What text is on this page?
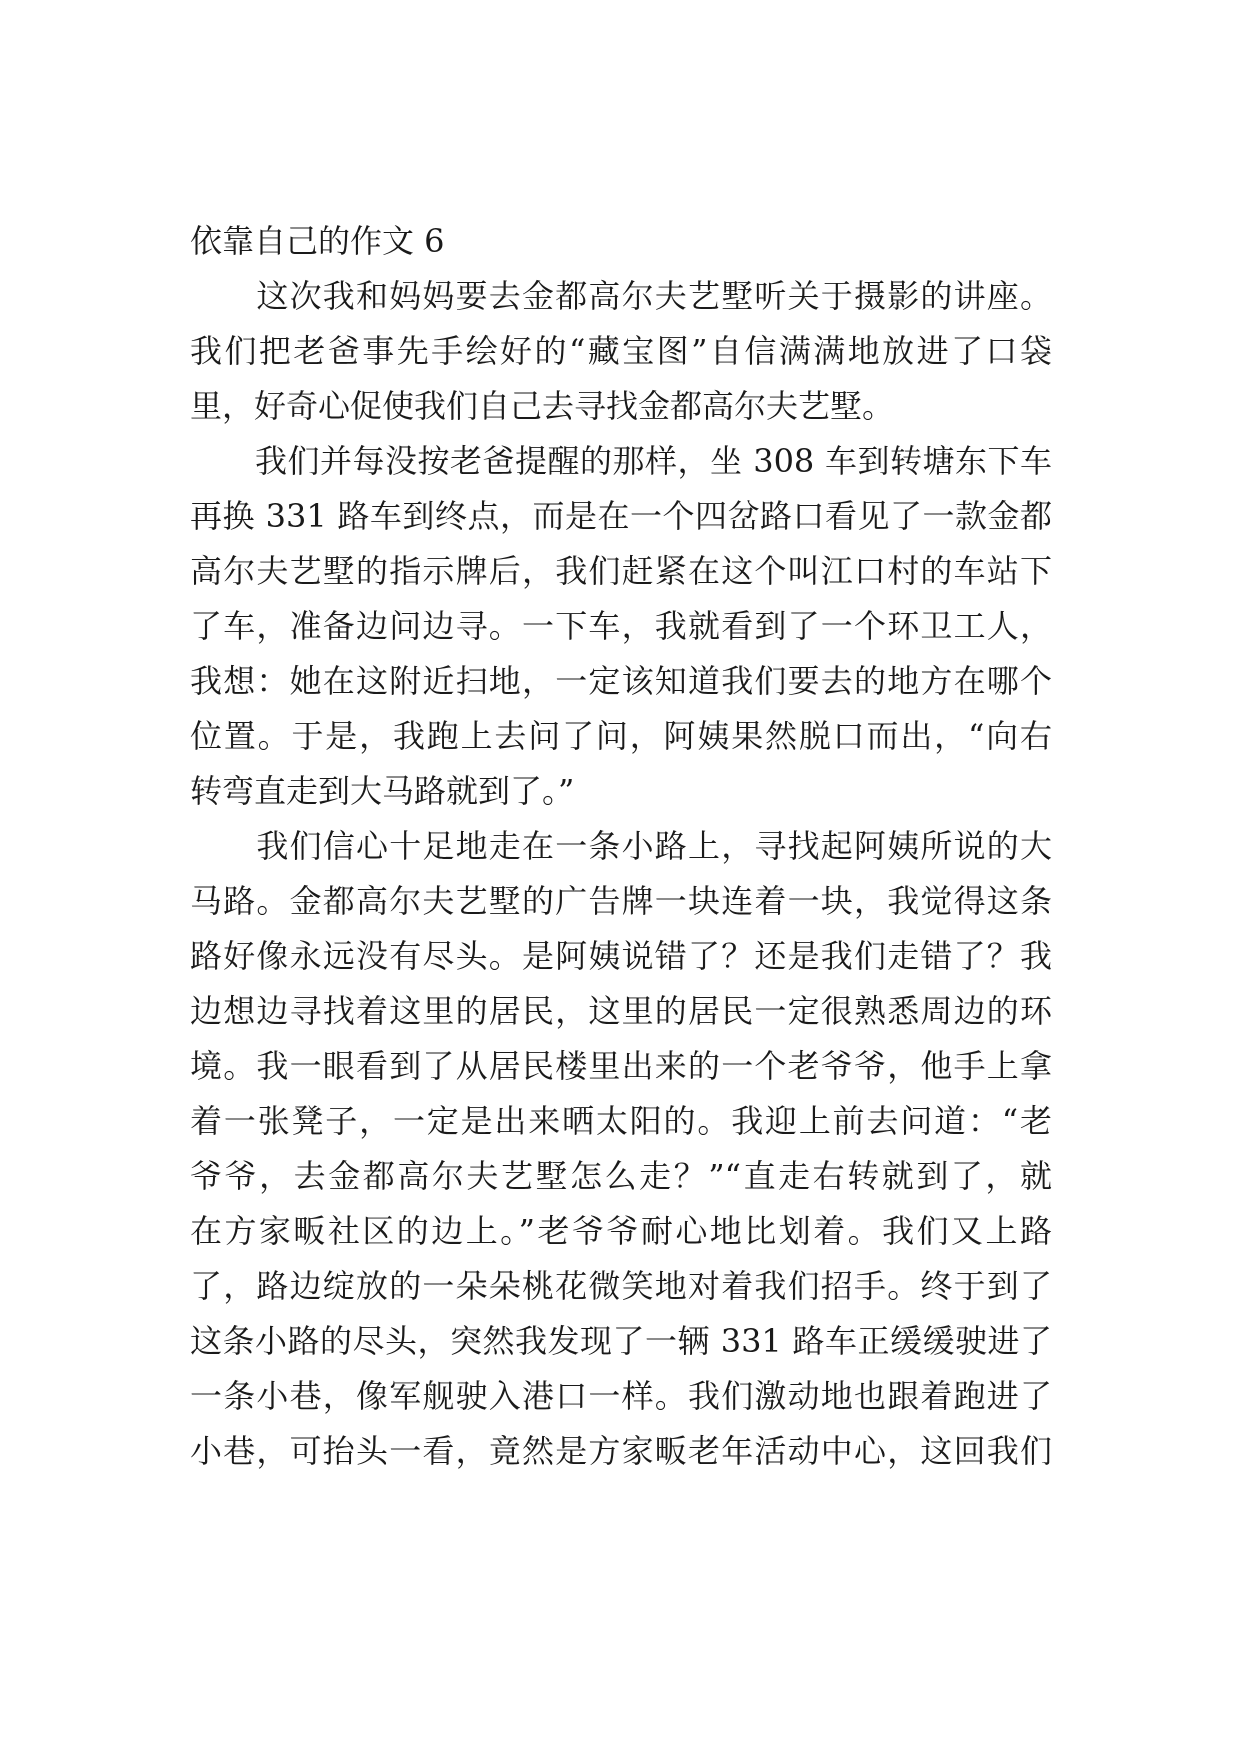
依靠自己的作文 6
　　这次我和妈妈要去金都高尔夫艺墅听关于摄影的讲座。
我们把老爸事先手绘好的“藏宝图”自信满满地放进了口袋
里，好奇心促使我们自己去寻找金都高尔夫艺墅。
　　我们并每没按老爸提醒的那样，坐 308 车到转塘东下车
再换 331 路车到终点，而是在一个四岔路口看见了一款金都
高尔夫艺墅的指示牌后，我们赶紧在这个叫江口村的车站下
了车，准备边问边寻。一下车，我就看到了一个环卫工人，
我想：她在这附近扫地，一定该知道我们要去的地方在哪个
位置。于是，我跑上去问了问，阿姨果然脱口而出，“向右
转弯直走到大马路就到了。”
　　我们信心十足地走在一条小路上，寻找起阿姨所说的大
马路。金都高尔夫艺墅的广告牌一块连着一块，我觉得这条
路好像永远没有尽头。是阿姨说错了？还是我们走错了？我
边想边寻找着这里的居民，这里的居民一定很熟悉周边的环
境。我一眼看到了从居民楼里出来的一个老爷爷，他手上拿
着一张凳子，一定是出来晒太阳的。我迎上前去问道：“老
爷爷，去金都高尔夫艺墅怎么走？”“直走右转就到了，就
在方家畈社区的边上。”老爷爷耐心地比划着。我们又上路
了，路边绽放的一朵朵桃花微笑地对着我们招手。终于到了
这条小路的尽头，突然我发现了一辆 331 路车正缓缓驶进了
一条小巷，像军舰驶入港口一样。我们激动地也跟着跑进了
小巷，可抬头一看，竟然是方家畈老年活动中心，这回我们
